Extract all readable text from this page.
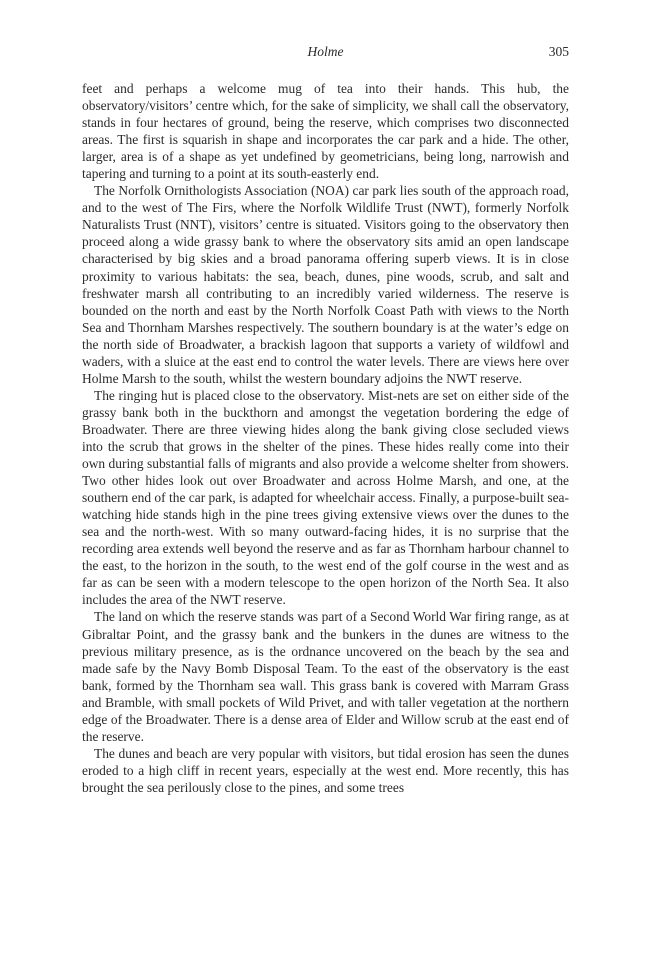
Holme	305

feet and perhaps a welcome mug of tea into their hands. This hub, the observatory/visitors’ centre which, for the sake of simplicity, we shall call the observatory, stands in four hectares of ground, being the reserve, which comprises two disconnected areas. The first is squarish in shape and incorporates the car park and a hide. The other, larger, area is of a shape as yet undefined by geometricians, being long, narrowish and tapering and turning to a point at its south-easterly end.

The Norfolk Ornithologists Association (NOA) car park lies south of the approach road, and to the west of The Firs, where the Norfolk Wildlife Trust (NWT), formerly Norfolk Naturalists Trust (NNT), visitors’ centre is situated. Visitors going to the observatory then proceed along a wide grassy bank to where the observatory sits amid an open landscape characterised by big skies and a broad panorama offering superb views. It is in close proximity to various habitats: the sea, beach, dunes, pine woods, scrub, and salt and freshwater marsh all contributing to an incredibly varied wilderness. The reserve is bounded on the north and east by the North Norfolk Coast Path with views to the North Sea and Thornham Marshes respectively. The southern boundary is at the water’s edge on the north side of Broadwater, a brackish lagoon that supports a variety of wildfowl and waders, with a sluice at the east end to control the water levels. There are views here over Holme Marsh to the south, whilst the western boundary adjoins the NWT reserve.

The ringing hut is placed close to the observatory. Mist-nets are set on either side of the grassy bank both in the buckthorn and amongst the vegetation bordering the edge of Broadwater. There are three viewing hides along the bank giving close secluded views into the scrub that grows in the shelter of the pines. These hides really come into their own during substantial falls of migrants and also provide a welcome shelter from showers. Two other hides look out over Broadwater and across Holme Marsh, and one, at the southern end of the car park, is adapted for wheelchair access. Finally, a purpose-built sea-watching hide stands high in the pine trees giving extensive views over the dunes to the sea and the north-west. With so many outward-facing hides, it is no surprise that the recording area extends well beyond the reserve and as far as Thornham harbour channel to the east, to the horizon in the south, to the west end of the golf course in the west and as far as can be seen with a modern telescope to the open horizon of the North Sea. It also includes the area of the NWT reserve.

The land on which the reserve stands was part of a Second World War firing range, as at Gibraltar Point, and the grassy bank and the bunkers in the dunes are witness to the previous military presence, as is the ordnance uncovered on the beach by the sea and made safe by the Navy Bomb Disposal Team. To the east of the observatory is the east bank, formed by the Thornham sea wall. This grass bank is covered with Marram Grass and Bramble, with small pockets of Wild Privet, and with taller vegetation at the northern edge of the Broadwater. There is a dense area of Elder and Willow scrub at the east end of the reserve.

The dunes and beach are very popular with visitors, but tidal erosion has seen the dunes eroded to a high cliff in recent years, especially at the west end. More recently, this has brought the sea perilously close to the pines, and some trees
